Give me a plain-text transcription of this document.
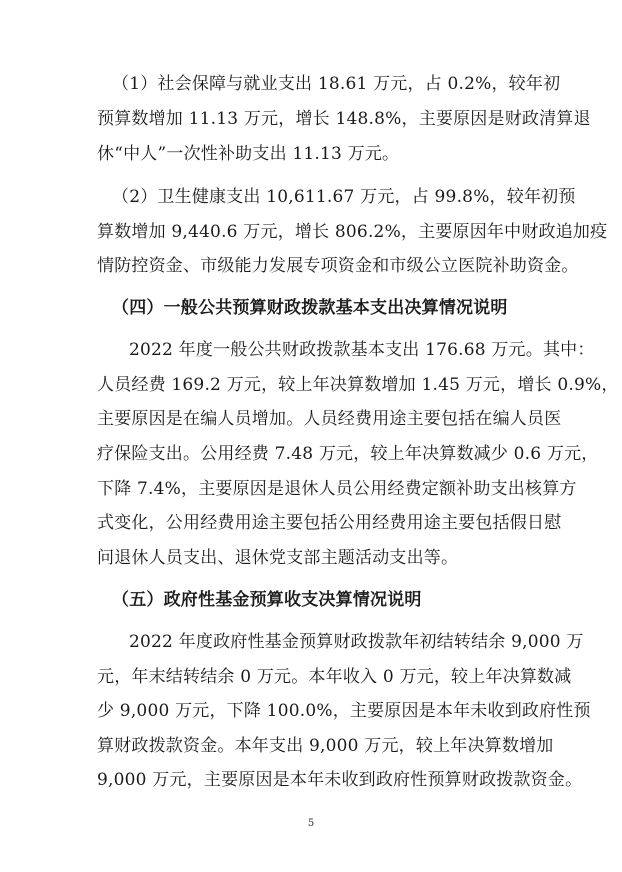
（1）社会保障与就业支出 18.61 万元，占 0.2%，较年初
预算数增加 11.13 万元，增长 148.8%，主要原因是财政清算退
休“中人”一次性补助支出 11.13 万元。
（2）卫生健康支出 10,611.67 万元，占 99.8%，较年初预
算数增加 9,440.6 万元，增长 806.2%，主要原因年中财政追加疫
情防控资金、市级能力发展专项资金和市级公立医院补助资金。
（四）一般公共预算财政拨款基本支出决算情况说明
2022 年度一般公共财政拨款基本支出 176.68 万元。其中：
人员经费 169.2 万元，较上年决算数增加 1.45 万元，增长 0.9%，
主要原因是在编人员增加。人员经费用途主要包括在编人员医
疗保险支出。公用经费 7.48 万元，较上年决算数减少 0.6 万元，
下降 7.4%，主要原因是退休人员公用经费定额补助支出核算方
式变化，公用经费用途主要包括公用经费用途主要包括假日慰
问退休人员支出、退休党支部主题活动支出等。
（五）政府性基金预算收支决算情况说明
2022 年度政府性基金预算财政拨款年初结转结余 9,000 万
元，年末结转结余 0 万元。本年收入 0 万元，较上年决算数减
少 9,000 万元，下降 100.0%，主要原因是本年未收到政府性预
算财政拨款资金。本年支出 9,000 万元，较上年决算数增加
9,000 万元，主要原因是本年未收到政府性预算财政拨款资金。
5
